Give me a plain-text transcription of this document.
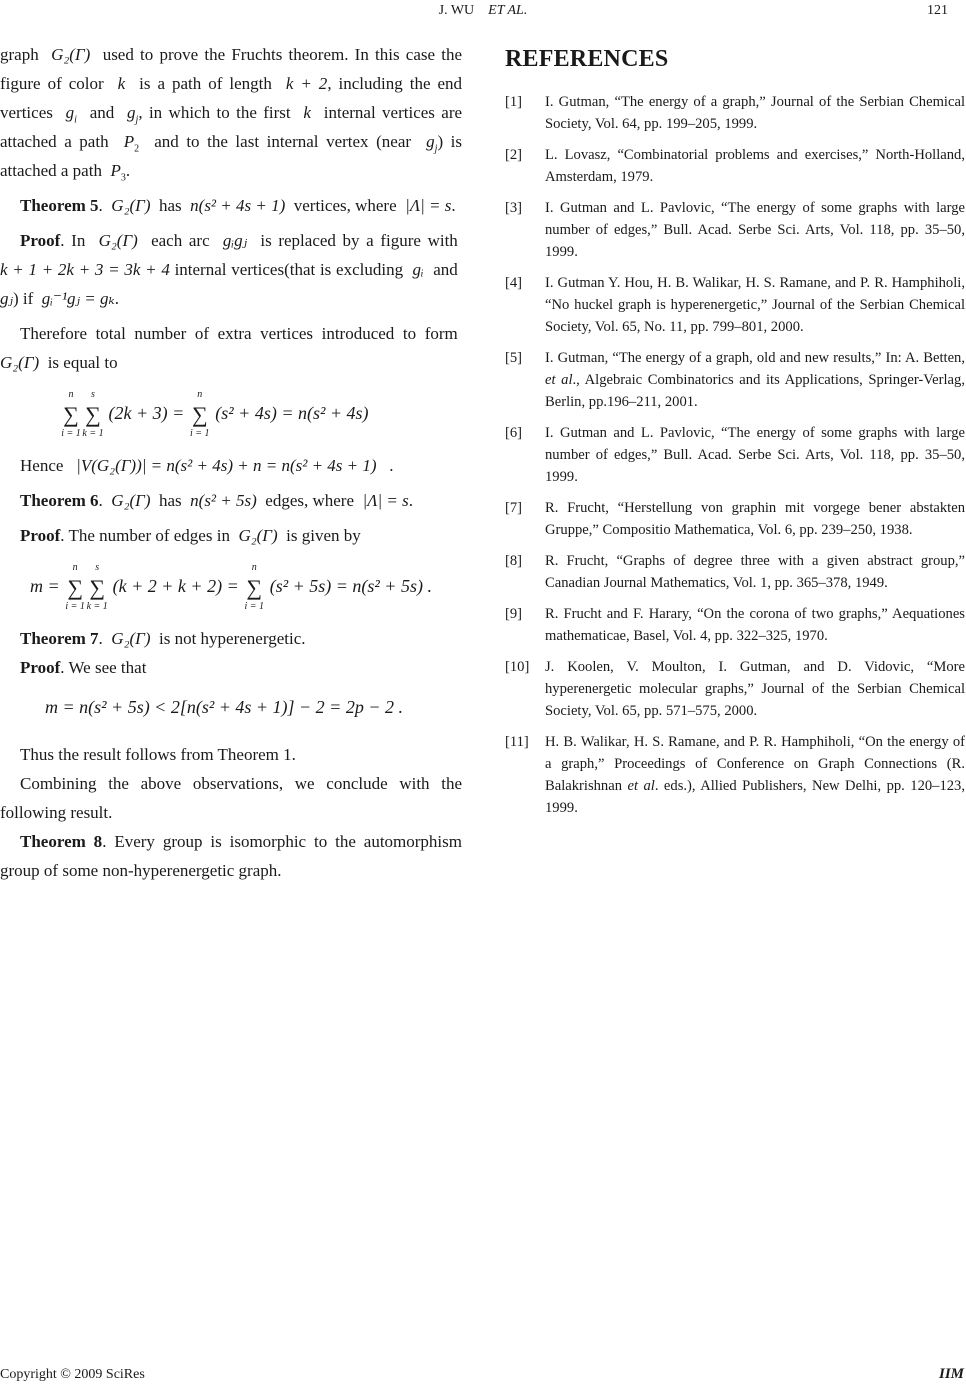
J. WU ET AL.	121

graph G₂(Γ) used to prove the Fruchts theorem. In this case the figure of color k is a path of length k + 2, including the end vertices $g_i$ and $g_j$, in which to the first k internal vertices are attached a path $P_2$ and to the last internal vertex (near $g_j$) is attached a path $P_3$.

Theorem 5.  G₂(Γ) has n(s² + 4s + 1) vertices, where |Λ| = s.

Proof. In G₂(Γ) each arc gᵢgⱼ is replaced by a figure with  k + 1 + 2k + 3 = 3k + 4 internal vertices(that is excluding gᵢ and  gⱼ) if gᵢ⁻¹gⱼ = gₖ.

Therefore total number of extra vertices introduced to form  G₂(Γ) is equal to

∑
n
i = 1
∑
s
k = 1
(2k + 3) = ∑
n
i = 1
(s² + 4s) = n(s² + 4s)

Hence |V(G₂(Γ))| = n(s² + 4s) + n = n(s² + 4s + 1) .

Theorem 6.  G₂(Γ) has n(s² + 5s) edges, where |Λ| = s.

Proof. The number of edges in G₂(Γ) is given by

m = ∑
n
i = 1
∑
s
k = 1
(k + 2 + k + 2) = ∑
n
i = 1
(s² + 5s) = n(s² + 5s) .

Theorem 7.  G₂(Γ) is not hyperenergetic.

Proof. We see that

m = n(s² + 5s) < 2[n(s² + 4s + 1)] − 2 = 2p − 2 .

Thus the result follows from Theorem 1.

Combining the above observations, we conclude with the following result.

Theorem 8. Every group is isomorphic to the automorphism group of some non-hyperenergetic graph.

REFERENCES
[1]	I. Gutman, “The energy of a graph,” Journal of the Serbian Chemical Society, Vol. 64, pp. 199–205, 1999.
[2]	L. Lovasz, “Combinatorial problems and exercises,” North-Holland, Amsterdam, 1979.
[3]	I. Gutman and L. Pavlovic, “The energy of some graphs with large number of edges,” Bull. Acad. Serbe Sci. Arts, Vol. 118, pp. 35–50, 1999.
[4]	I. Gutman Y. Hou, H. B. Walikar, H. S. Ramane, and P. R. Hamphiholi, “No huckel graph is hyperenergetic,” Journal of the Serbian Chemical Society, Vol. 65, No. 11, pp. 799–801, 2000.
[5]	I. Gutman, “The energy of a graph, old and new results,” In: A. Betten, et al., Algebraic Combinatorics and its Applications, Springer-Verlag, Berlin, pp.196–211, 2001.
[6]	I. Gutman and L. Pavlovic, “The energy of some graphs with large number of edges,” Bull. Acad. Serbe Sci. Arts, Vol. 118, pp. 35–50, 1999.
[7]	R. Frucht, “Herstellung von graphin mit vorgege bener abstakten Gruppe,” Compositio Mathematica, Vol. 6, pp. 239–250, 1938.
[8]	R. Frucht, “Graphs of degree three with a given abstract group,” Canadian Journal Mathematics, Vol. 1, pp. 365–378, 1949.
[9]	R. Frucht and F. Harary, “On the corona of two graphs,” Aequationes mathematicae, Basel, Vol. 4, pp. 322–325, 1970.
[10]	J. Koolen, V. Moulton, I. Gutman, and D. Vidovic, “More hyperenergetic molecular graphs,” Journal of the Serbian Chemical Society, Vol. 65, pp. 571–575, 2000.
[11]	H. B. Walikar, H. S. Ramane, and P. R. Hamphiholi, “On the energy of a graph,” Proceedings of Conference on Graph Connections (R. Balakrishnan et al. eds.), Allied Publishers, New Delhi, pp. 120–123, 1999.
Copyright © 2009 SciRes	IIM
